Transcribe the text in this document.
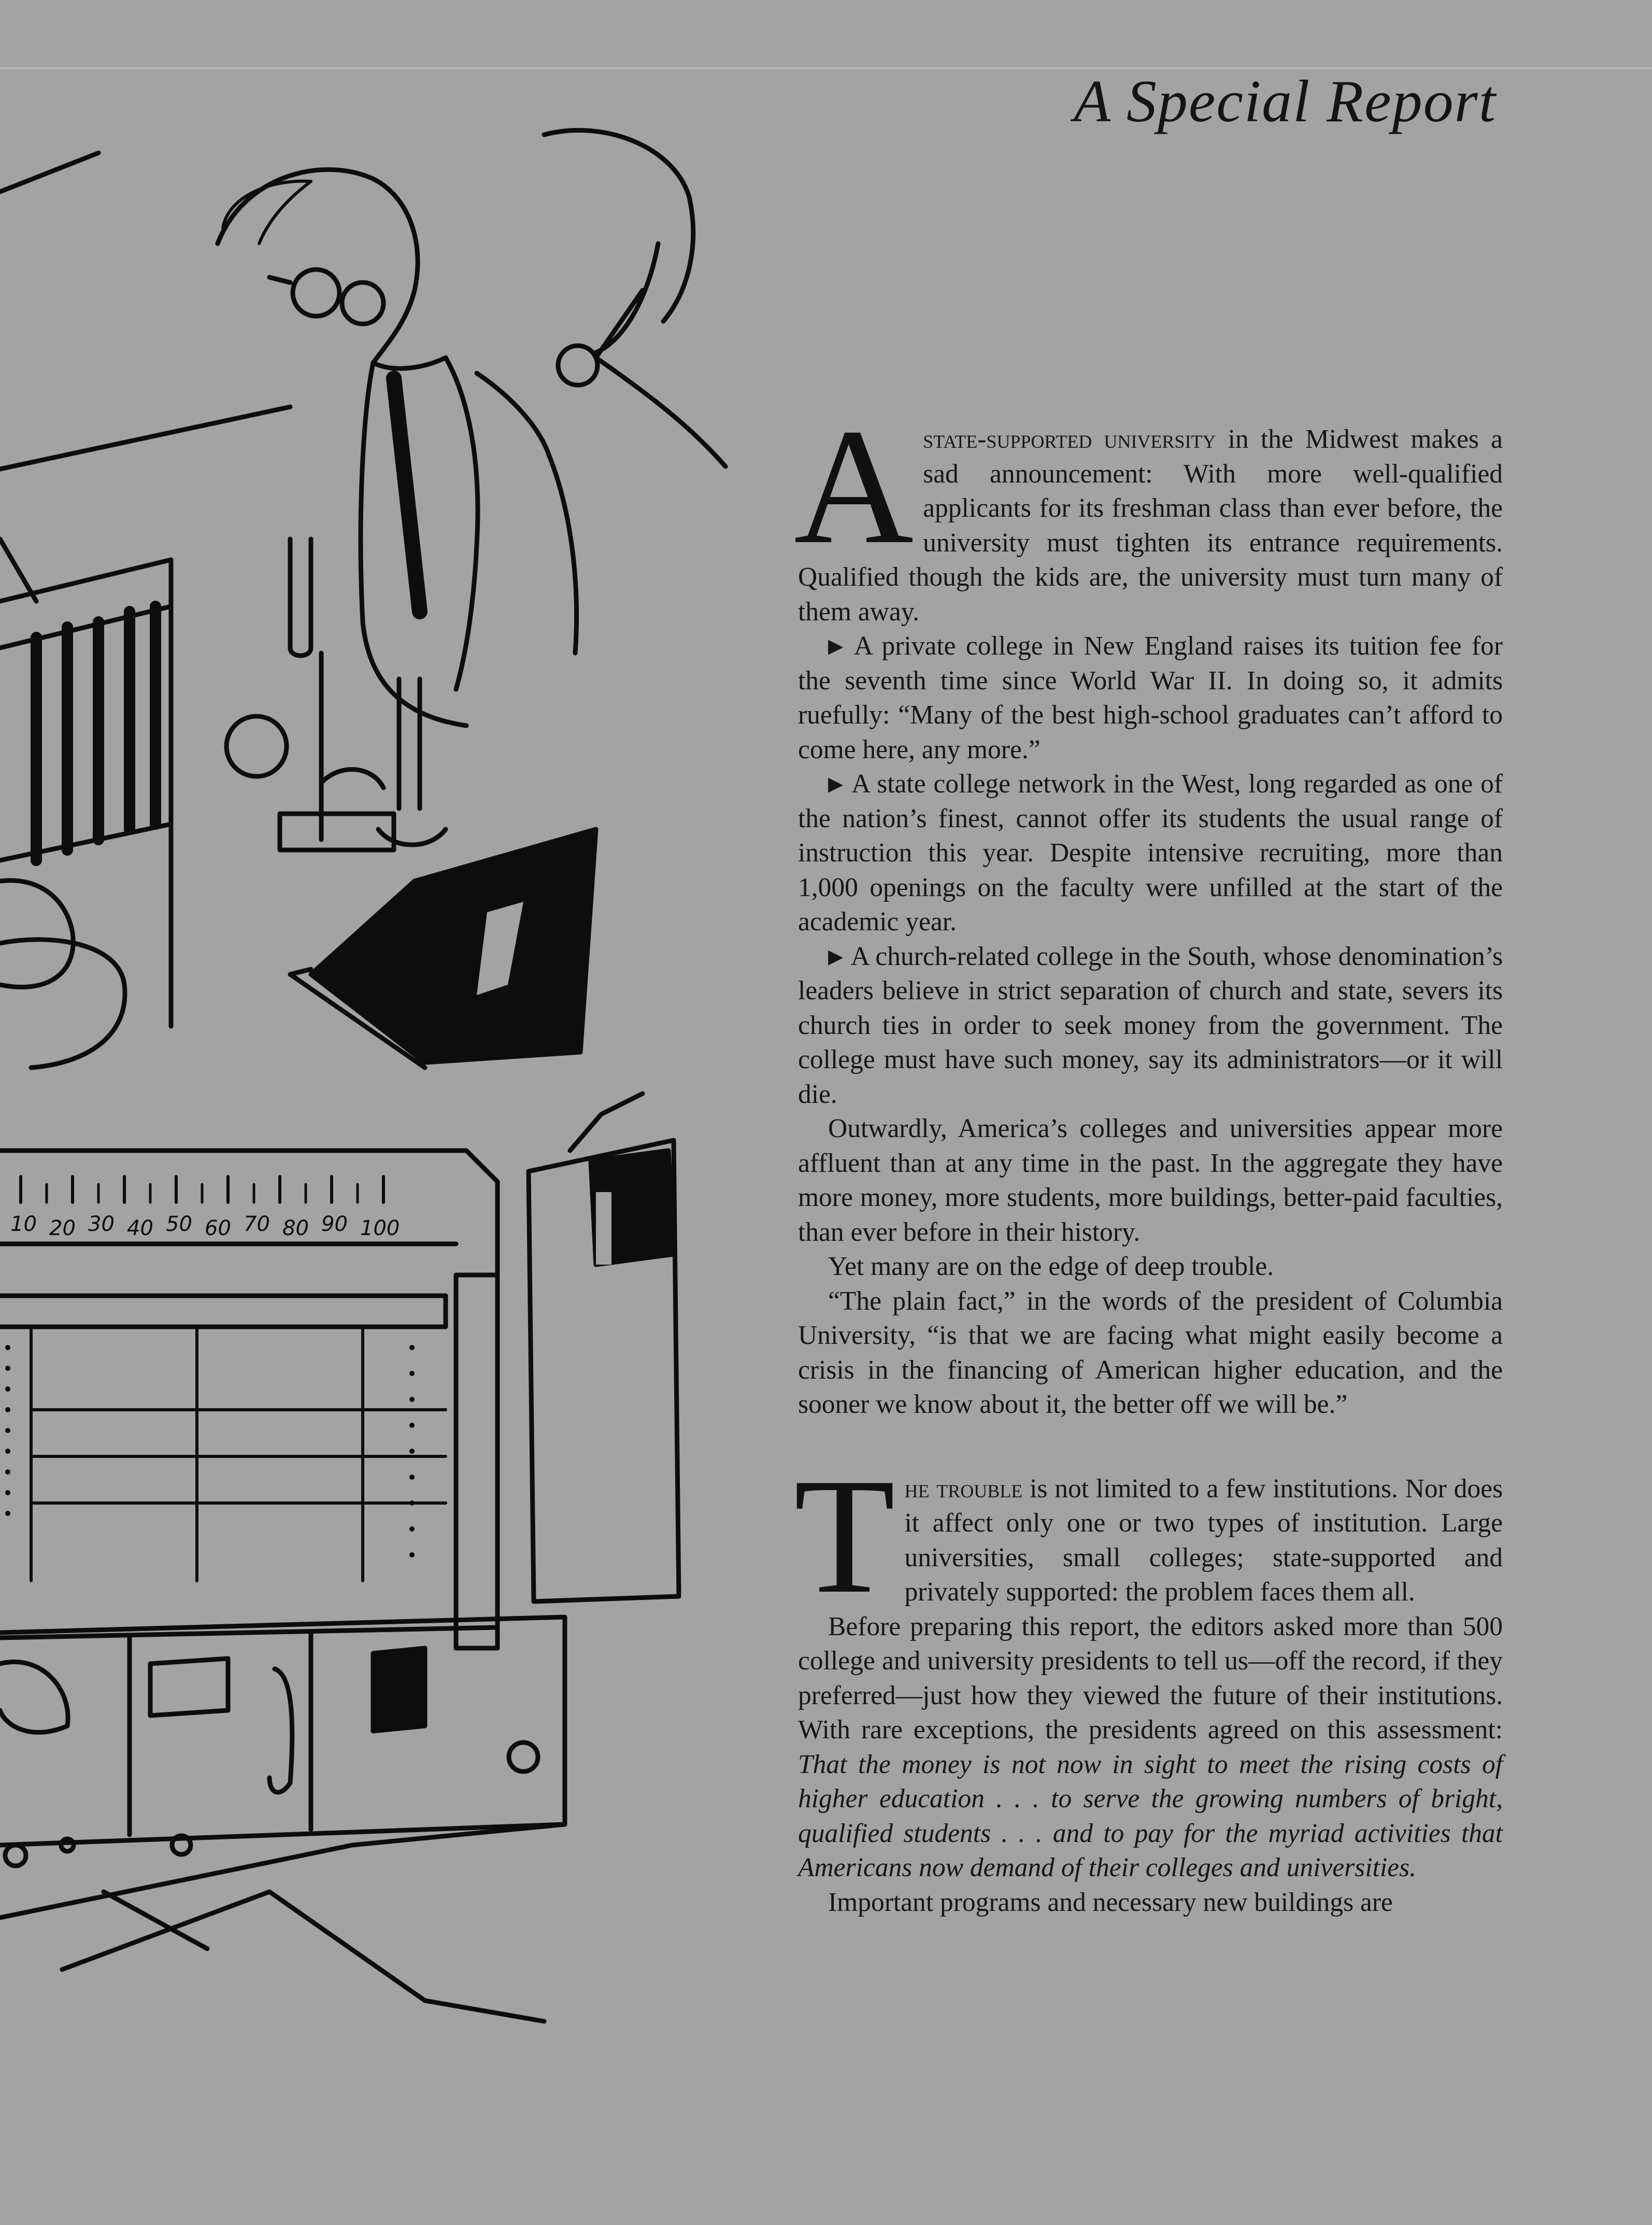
10 20 30 40 50 60 70 80 90 100
A Special Report

Astate-supported university in the Midwest makes a sad announcement: With more well-qualified applicants for its freshman class than ever before, the university must tighten its entrance requirements. Qualified though the kids are, the university must turn many of them away.

▶ A private college in New England raises its tuition fee for the seventh time since World War II. In doing so, it admits ruefully: “Many of the best high-school graduates can’t afford to come here, any more.”

▶ A state college network in the West, long regarded as one of the nation’s finest, cannot offer its students the usual range of instruction this year. Despite intensive recruiting, more than 1,000 openings on the faculty were unfilled at the start of the academic year.

▶ A church-related college in the South, whose denomination’s leaders believe in strict separation of church and state, severs its church ties in order to seek money from the government. The college must have such money, say its administrators—or it will die.

Outwardly, America’s colleges and universities appear more affluent than at any time in the past. In the aggregate they have more money, more students, more buildings, better-paid faculties, than ever before in their history.

Yet many are on the edge of deep trouble.

“The plain fact,” in the words of the president of Columbia University, “is that we are facing what might easily become a crisis in the financing of American higher education, and the sooner we know about it, the better off we will be.”

The trouble is not limited to a few institutions. Nor does it affect only one or two types of institution. Large universities, small colleges; state-supported and privately supported: the problem faces them all.

Before preparing this report, the editors asked more than 500 college and university presidents to tell us—off the record, if they preferred—just how they viewed the future of their institutions. With rare exceptions, the presidents agreed on this assessment: That the money is not now in sight to meet the rising costs of higher education . . . to serve the growing numbers of bright, qualified students . . . and to pay for the myriad activities that Americans now demand of their colleges and universities.

Important programs and necessary new buildings are
